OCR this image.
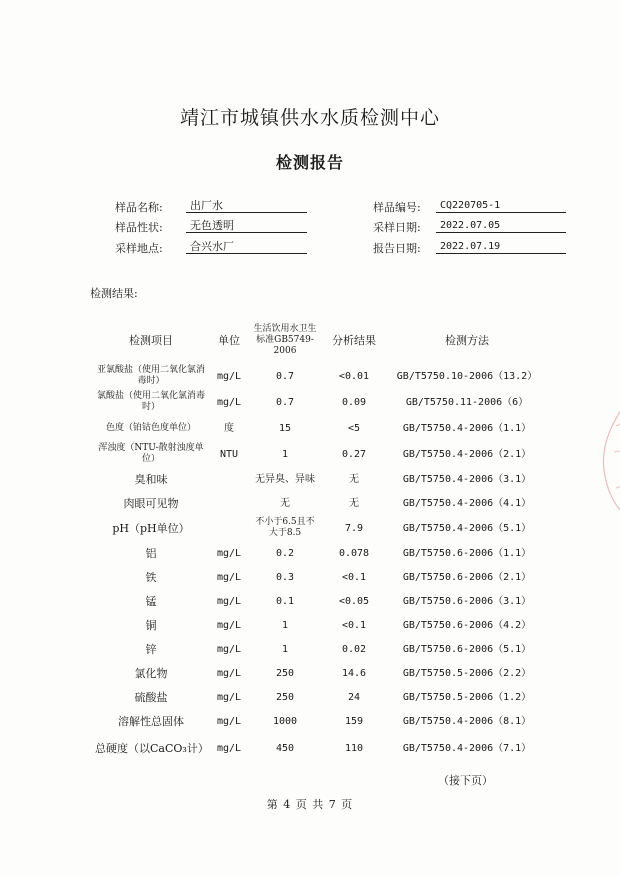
靖江市城镇供水水质检测中心
检测报告
样品名称:	出厂水	样品编号:	CQ220705-1
样品性状:	无色透明	采样日期:	2022.07.05
采样地点:	合兴水厂	报告日期:	2022.07.19
检测结果:
检测项目	单位	生活饮用水卫生标准GB5749-2006	分析结果	检测方法
亚氯酸盐（使用二氧化氯消毒时）	mg/L	0.7	<0.01	GB/T5750.10-2006（13.2）
氯酸盐（使用二氧化氯消毒时）	mg/L	0.7	0.09	GB/T5750.11-2006（6）
色度（铂钴色度单位）	度	15	<5	GB/T5750.4-2006（1.1）
浑浊度（NTU-散射浊度单位）	NTU	1	0.27	GB/T5750.4-2006（2.1）
臭和味		无异臭、异味	无	GB/T5750.4-2006（3.1）
肉眼可见物		无	无	GB/T5750.4-2006（4.1）
pH（pH单位）		不小于6.5且不大于8.5	7.9	GB/T5750.4-2006（5.1）
铝	mg/L	0.2	0.078	GB/T5750.6-2006（1.1）
铁	mg/L	0.3	<0.1	GB/T5750.6-2006（2.1）
锰	mg/L	0.1	<0.05	GB/T5750.6-2006（3.1）
铜	mg/L	1	<0.1	GB/T5750.6-2006（4.2）
锌	mg/L	1	0.02	GB/T5750.6-2006（5.1）
氯化物	mg/L	250	14.6	GB/T5750.5-2006（2.2）
硫酸盐	mg/L	250	24	GB/T5750.5-2006（1.2）
溶解性总固体	mg/L	1000	159	GB/T5750.4-2006（8.1）
总硬度（以CaCO₃计）	mg/L	450	110	GB/T5750.4-2006（7.1）
（接下页）
第 4 页 共 7 页
